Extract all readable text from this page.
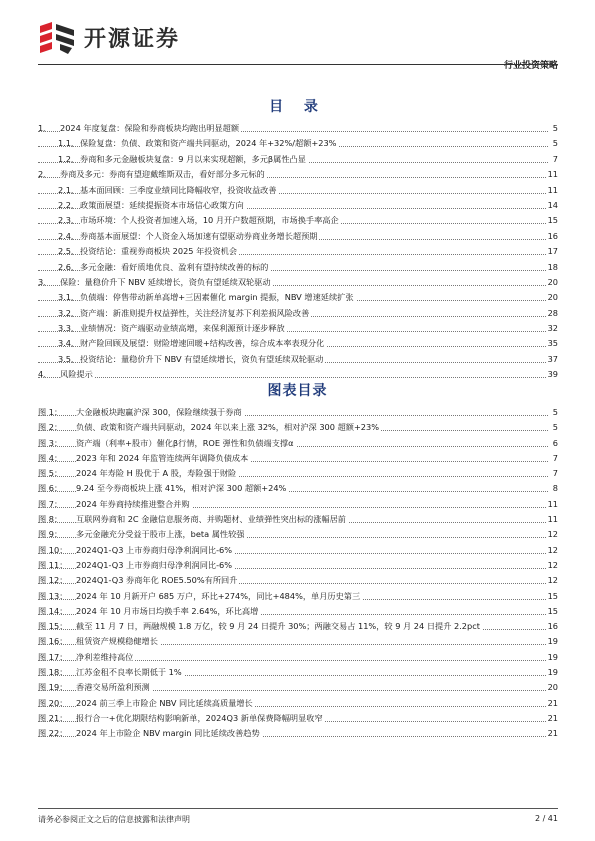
开源证券
行业投资策略
目 录
1、 2024 年度复盘：保险和券商板块均跑出明显超额	5
1.1、 保险复盘：负债、政策和资产端共同驱动，2024 年+32%/超额+23%	5
1.2、 券商和多元金融板块复盘：9 月以来实现超额，多元β属性凸显	7
2、 券商及多元：券商有望迎戴维斯双击，看好部分多元标的	11
2.1、 基本面回顾：三季度业绩同比降幅收窄，投资收益改善	11
2.2、 政策面展望：延续提振资本市场信心政策方向	14
2.3、 市场环境：个人投资者加速入场，10 月开户数超预期，市场换手率高企	15
2.4、 券商基本面展望：个人资金入场加速有望驱动券商业务增长超预期	16
2.5、 投资结论：重视券商板块 2025 年投资机会	17
2.6、 多元金融：看好质地优良、盈利有望持续改善的标的	18
3、 保险：量稳价升下 NBV 延续增长，资负有望延续双轮驱动	20
3.1、 负债端：停售带动新单高增+三因素催化 margin 提振，NBV 增速延续扩张	20
3.2、 资产端：新准则提升权益弹性，关注经济复苏下利差损风险改善	28
3.3、 业绩情况：资产端驱动业绩高增，来保利源预计逐步释放	32
3.4、 财产险回顾及展望：财险增速回暖+结构改善，综合成本率表现分化	35
3.5、 投资结论：量稳价升下 NBV 有望延续增长，资负有望延续双轮驱动	37
4、 风险提示	39
图表目录
图 1： 大金融板块跑赢沪深 300，保险继续强于券商	5
图 2： 负债、政策和资产端共同驱动，2024 年以来上涨 32%，相对沪深 300 超额+23%	5
图 3： 资产端（利率+股市）催化β行情，ROE 弹性和负债端支撑α	6
图 4： 2023 年和 2024 年监管连续两年调降负债成本	7
图 5： 2024 年寿险 H 股优于 A 股，寿险强于财险	7
图 6： 9.24 至今券商板块上涨 41%，相对沪深 300 超额+24%	8
图 7： 2024 年券商持续推进整合并购	11
图 8： 互联网券商和 2C 金融信息服务商、并购题材、业绩弹性突出标的涨幅居前	11
图 9： 多元金融充分受益于股市上涨，beta 属性较强	12
图 10： 2024Q1-Q3 上市券商归母净利润同比-6%	12
图 11： 2024Q1-Q3 上市券商归母净利润同比-6%	12
图 12： 2024Q1-Q3 券商年化 ROE5.50%有所回升	12
图 13： 2024 年 10 月新开户 685 万户，环比+274%，同比+484%，单月历史第三	15
图 14： 2024 年 10 月市场日均换手率 2.64%，环比高增	15
图 15： 截至 11 月 7 日，两融规模 1.8 万亿，较 9 月 24 日提升 30%；两融交易占 11%，较 9 月 24 日提升 2.2pct	16
图 16： 租赁资产规模稳健增长	19
图 17： 净利差维持高位	19
图 18： 江苏金租不良率长期低于 1%	19
图 19： 香港交易所盈利预测	20
图 20： 2024 前三季上市险企 NBV 同比延续高质量增长	21
图 21： 报行合一+优化期限结构影响新单，2024Q3 新单保费降幅明显收窄	21
图 22： 2024 年上市险企 NBV margin 同比延续改善趋势	21
请务必参阅正文之后的信息披露和法律声明	2 / 41
